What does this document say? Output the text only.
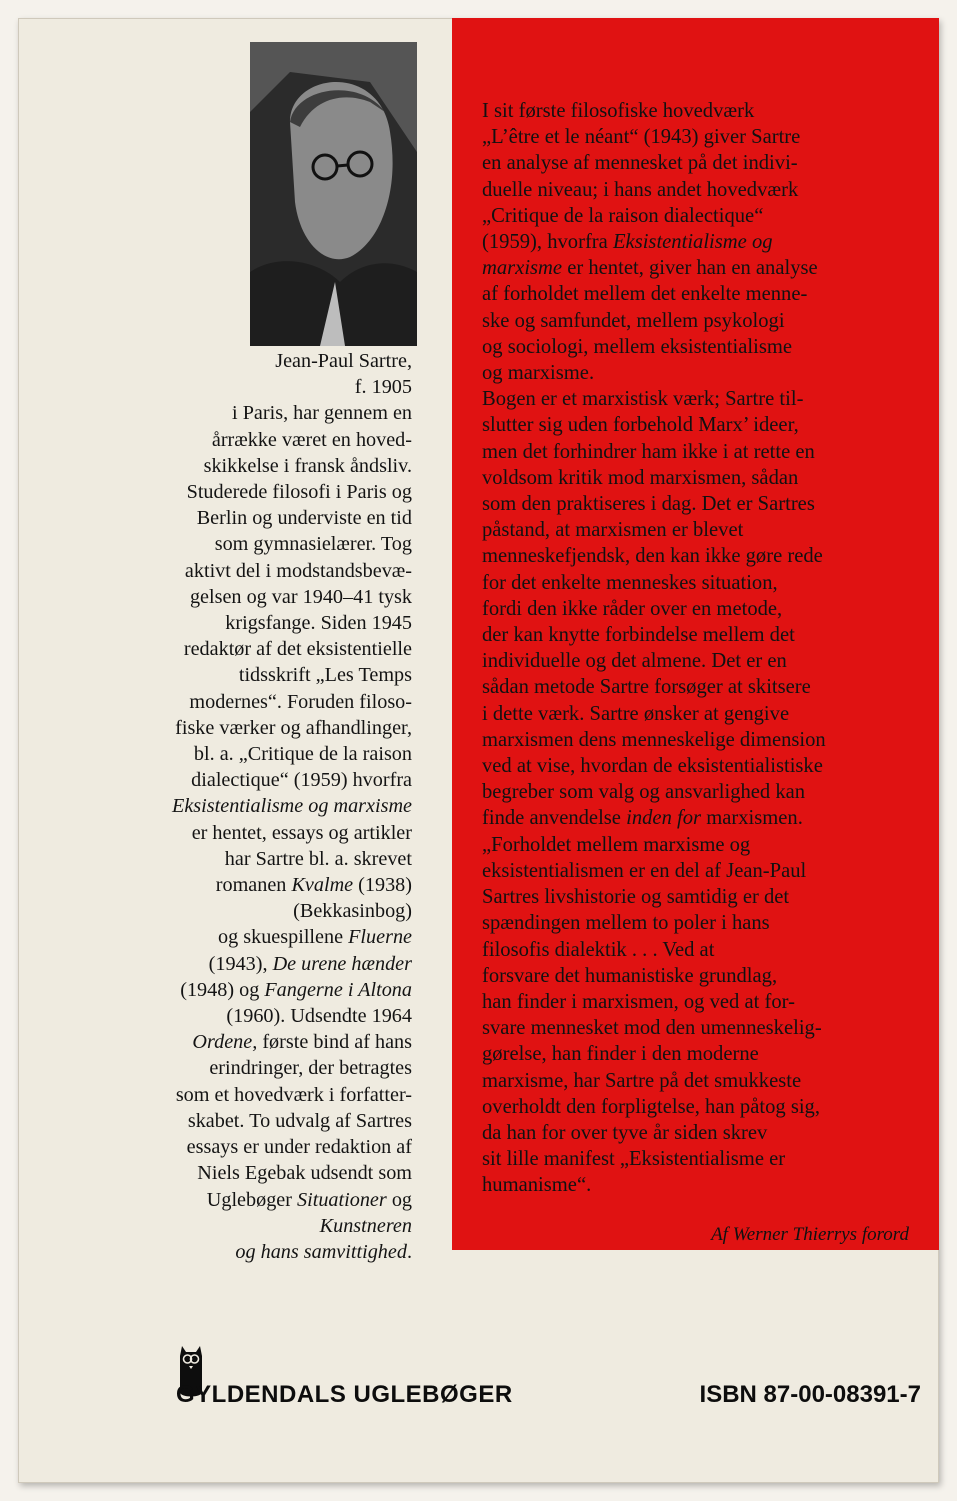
Jean-Paul Sartre,
f. 1905
i Paris, har gennem en
årrække været en hoved-
skikkelse i fransk åndsliv.
Studerede filosofi i Paris og
Berlin og underviste en tid
som gymnasielærer. Tog
aktivt del i modstandsbevæ-
gelsen og var 1940–41 tysk
krigsfange. Siden 1945
redaktør af det eksistentielle
tidsskrift „Les Temps
modernes“. Foruden filoso-
fiske værker og afhandlinger,
bl. a. „Critique de la raison
dialectique“ (1959) hvorfra
Eksistentialisme og marxisme
er hentet, essays og artikler
har Sartre bl. a. skrevet
romanen Kvalme (1938)
(Bekkasinbog)
og skuespillene Fluerne
(1943), De urene hænder
(1948) og Fangerne i Altona
(1960). Udsendte 1964
Ordene, første bind af hans
erindringer, der betragtes
som et hovedværk i forfatter-
skabet. To udvalg af Sartres
essays er under redaktion af
Niels Egebak udsendt som
Uglebøger Situationer og
Kunstneren
og hans samvittighed.
I sit første filosofiske hovedværk
„L’être et le néant“ (1943) giver Sartre
en analyse af mennesket på det indivi-
duelle niveau; i hans andet hovedværk
„Critique de la raison dialectique“
(1959), hvorfra Eksistentialisme og
marxisme er hentet, giver han en analyse
af forholdet mellem det enkelte menne-
ske og samfundet, mellem psykologi
og sociologi, mellem eksistentialisme
og marxisme.
Bogen er et marxistisk værk; Sartre til-
slutter sig uden forbehold Marx’ ideer,
men det forhindrer ham ikke i at rette en
voldsom kritik mod marxismen, sådan
som den praktiseres i dag. Det er Sartres
påstand, at marxismen er blevet
menneskefjendsk, den kan ikke gøre rede
for det enkelte menneskes situation,
fordi den ikke råder over en metode,
der kan knytte forbindelse mellem det
individuelle og det almene. Det er en
sådan metode Sartre forsøger at skitsere
i dette værk. Sartre ønsker at gengive
marxismen dens menneskelige dimension
ved at vise, hvordan de eksistentialistiske
begreber som valg og ansvarlighed kan
finde anvendelse inden for marxismen.
„Forholdet mellem marxisme og
eksistentialismen er en del af Jean-Paul
Sartres livshistorie og samtidig er det
spændingen mellem to poler i hans
filosofis dialektik . . . Ved at
forsvare det humanistiske grundlag,
han finder i marxismen, og ved at for-
svare mennesket mod den umenneskelig-
gørelse, han finder i den moderne
marxisme, har Sartre på det smukkeste
overholdt den forpligtelse, han påtog sig,
da han for over tyve år siden skrev
sit lille manifest „Eksistentialisme er
humanisme“.
Af Werner Thierrys forord
GYLDENDALS UGLEBØGER	ISBN 87-00-08391-7
